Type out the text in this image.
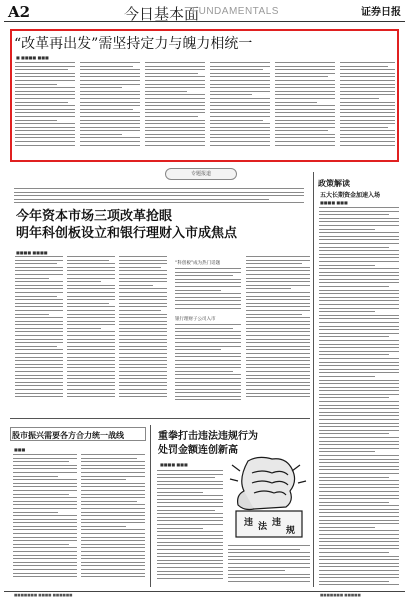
A2	今日基本面
FUNDAMENTALS	证券日报
“改革再出发”需坚持定力与魄力相统一
■ ■■■■ ■■■
专题报道
今年资本市场三项改革抢眼
明年科创板设立和银行理财入市成焦点
■■■■ ■■■■
“科创板”成为热门话题
银行理财子公司入市
政策解读
五大长期资金加速入场
■■■■ ■■■
股市振兴需要各方合力统一战线
■■■
重拳打击违法违规行为
处罚金额连创新高
■■■■ ■■■
违 法 违
规
■■■■■■■ ■■■■ ■■■■■■	■■■■■■■ ■■■■■
